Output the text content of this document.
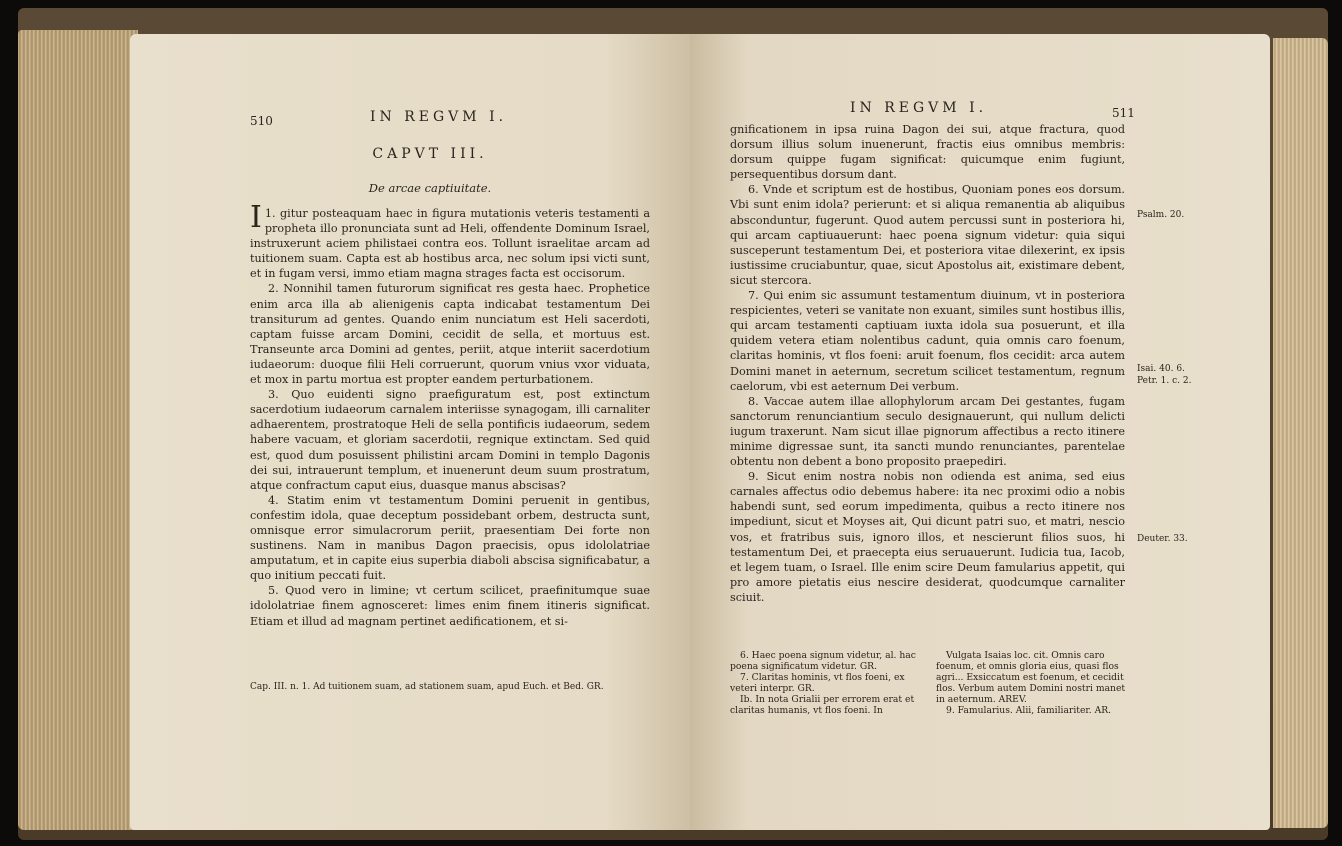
510	IN REGVM I.
CAPVT III.
De arcae captiuitate.

I 1. gitur posteaquam haec in figura mutationis veteris testamenti a propheta illo pronunciata sunt ad Heli, offendente Dominum Israel, instruxerunt aciem philistaei contra eos. Tollunt israelitae arcam ad tuitionem suam. Capta est ab hostibus arca, nec solum ipsi victi sunt, et in fugam versi, immo etiam magna strages facta est occisorum.

2. Nonnihil tamen futurorum significat res gesta haec. Prophetice enim arca illa ab alienigenis capta indicabat testamentum Dei transiturum ad gentes. Quando enim nunciatum est Heli sacerdoti, captam fuisse arcam Domini, cecidit de sella, et mortuus est. Transeunte arca Domini ad gentes, periit, atque interiit sacerdotium iudaeorum: duoque filii Heli corruerunt, quorum vnius vxor viduata, et mox in partu mortua est propter eandem perturbationem.

3. Quo euidenti signo praefiguratum est, post extinctum sacerdotium iudaeorum carnalem interiisse synagogam, illi carnaliter adhaerentem, prostratoque Heli de sella pontificis iudaeorum, sedem habere vacuam, et gloriam sacerdotii, regnique extinctam. Sed quid est, quod dum posuissent philistini arcam Domini in templo Dagonis dei sui, intrauerunt templum, et inuenerunt deum suum prostratum, atque confractum caput eius, duasque manus abscisas?

4. Statim enim vt testamentum Domini peruenit in gentibus, confestim idola, quae deceptum possidebant orbem, destructa sunt, omnisque error simulacrorum periit, praesentiam Dei forte non sustinens. Nam in manibus Dagon praecisis, opus idololatriae amputatum, et in capite eius superbia diaboli abscisa significabatur, a quo initium peccati fuit.

5. Quod vero in limine; vt certum scilicet, praefinitumque suae idololatriae finem agnosceret: limes enim finem itineris significat. Etiam et illud ad magnam pertinet aedificationem, et si-

Cap. III. n. 1. Ad tuitionem suam, ad stationem suam, apud Euch. et Bed. GR.
IN REGVM I.	511

gnificationem in ipsa ruina Dagon dei sui, atque fractura, quod dorsum illius solum inuenerunt, fractis eius omnibus membris: dorsum quippe fugam significat: quicumque enim fugiunt, persequentibus dorsum dant.

6. Vnde et scriptum est de hostibus, Quoniam pones eos dorsum. Vbi sunt enim idola? perierunt: et si aliqua remanentia ab aliquibus absconduntur, fugerunt. Quod autem percussi sunt in posteriora hi, qui arcam captiuauerunt: haec poena signum videtur: quia siqui susceperunt testamentum Dei, et posteriora vitae dilexerint, ex ipsis iustissime cruciabuntur, quae, sicut Apostolus ait, existimare debent, sicut stercora.

7. Qui enim sic assumunt testamentum diuinum, vt in posteriora respicientes, veteri se vanitate non exuant, similes sunt hostibus illis, qui arcam testamenti captiuam iuxta idola sua posuerunt, et illa quidem vetera etiam nolentibus cadunt, quia omnis caro foenum, claritas hominis, vt flos foeni: aruit foenum, flos cecidit: arca autem Domini manet in aeternum, secretum scilicet testamentum, regnum caelorum, vbi est aeternum Dei verbum.

8. Vaccae autem illae allophylorum arcam Dei gestantes, fugam sanctorum renunciantium seculo designauerunt, qui nullum delicti iugum traxerunt. Nam sicut illae pignorum affectibus a recto itinere minime digressae sunt, ita sancti mundo renunciantes, parentelae obtentu non debent a bono proposito praepediri.

9. Sicut enim nostra nobis non odienda est anima, sed eius carnales affectus odio debemus habere: ita nec proximi odio a nobis habendi sunt, sed eorum impedimenta, quibus a recto itinere nos impediunt, sicut et Moyses ait, Qui dicunt patri suo, et matri, nescio vos, et fratribus suis, ignoro illos, et nescierunt filios suos, hi testamentum Dei, et praecepta eius seruauerunt. Iudicia tua, Iacob, et legem tuam, o Israel. Ille enim scire Deum famularius appetit, qui pro amore pietatis eius nescire desiderat, quodcumque carnaliter sciuit.

Psalm. 20.
Isai. 40. 6.
Petr. 1. c. 2.
Deuter. 33.

6. Haec poena signum videtur, al. hac poena significatum videtur. GR.

7. Claritas hominis, vt flos foeni, ex veteri interpr. GR.

Ib. In nota Grialii per errorem erat et claritas humanis, vt flos foeni. In

Vulgata Isaias loc. cit. Omnis caro foenum, et omnis gloria eius, quasi flos agri... Exsiccatum est foenum, et cecidit flos. Verbum autem Domini nostri manet in aeternum. AREV.

9. Famularius. Alii, familiariter. AR.
